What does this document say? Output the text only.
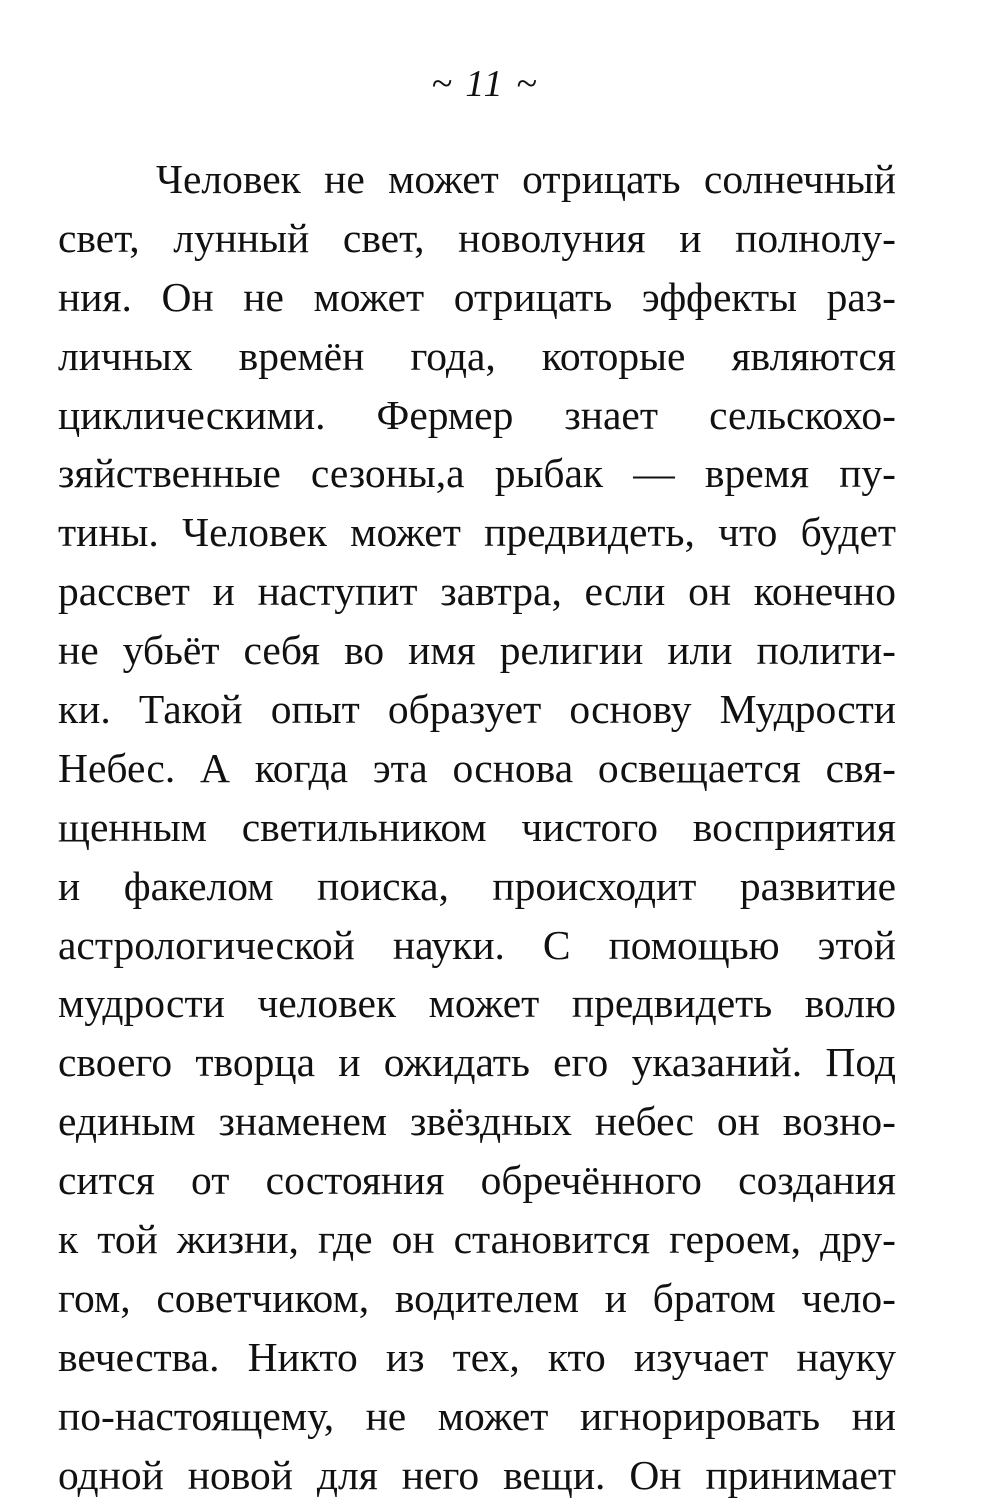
~ 11 ~
Человек не может отрицать солнечный
свет, лунный свет, новолуния и полнолу-
ния. Он не может отрицать эффекты раз-
личных времён года, которые являются
циклическими. Фермер знает сельскохо-
зяйственные сезоны,а рыбак — время пу-
тины. Человек может предвидеть, что будет
рассвет и наступит завтра, если он конечно
не убьёт себя во имя религии или полити-
ки. Такой опыт образует основу Мудрости
Небес. А когда эта основа освещается свя-
щенным светильником чистого восприятия
и факелом поиска, происходит развитие
астрологической науки. С помощью этой
мудрости человек может предвидеть волю
своего творца и ожидать его указаний. Под
единым знаменем звёздных небес он возно-
сится от состояния обречённого создания
к той жизни, где он становится героем, дру-
гом, советчиком, водителем и братом чело-
вечества. Никто из тех, кто изучает науку
по-настоящему, не может игнорировать ни
одной новой для него вещи. Он принимает
